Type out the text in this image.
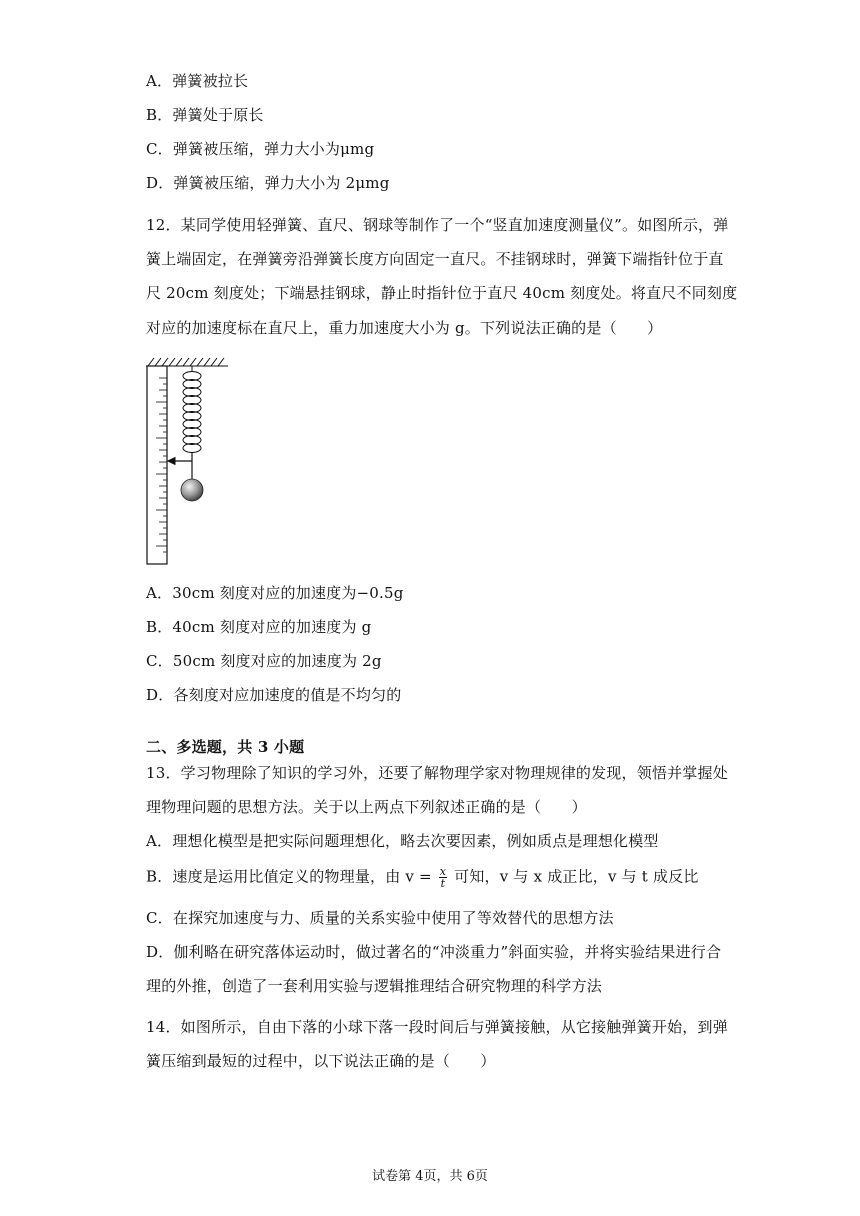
A．弹簧被拉长
B．弹簧处于原长
C．弹簧被压缩，弹力大小为μmg
D．弹簧被压缩，弹力大小为 2μmg
12．某同学使用轻弹簧、直尺、钢球等制作了一个“竖直加速度测量仪”。如图所示，弹
簧上端固定，在弹簧旁沿弹簧长度方向固定一直尺。不挂钢球时，弹簧下端指针位于直
尺 20cm 刻度处；下端悬挂钢球，静止时指针位于直尺 40cm 刻度处。将直尺不同刻度
对应的加速度标在直尺上，重力加速度大小为 g。下列说法正确的是（　　）
A．30cm 刻度对应的加速度为−0.5g
B．40cm 刻度对应的加速度为 g
C．50cm 刻度对应的加速度为 2g
D．各刻度对应加速度的值是不均匀的
二、多选题，共 3 小题
13．学习物理除了知识的学习外，还要了解物理学家对物理规律的发现，领悟并掌握处
理物理问题的思想方法。关于以上两点下列叙述正确的是（　　）
A．理想化模型是把实际问题理想化，略去次要因素，例如质点是理想化模型
B．速度是运用比值定义的物理量，由 $v = \frac{x}{t}$ 可知，v 与 x 成正比，v 与 t 成反比
C．在探究加速度与力、质量的关系实验中使用了等效替代的思想方法
D．伽利略在研究落体运动时，做过著名的“冲淡重力”斜面实验，并将实验结果进行合
理的外推，创造了一套利用实验与逻辑推理结合研究物理的科学方法
14．如图所示，自由下落的小球下落一段时间后与弹簧接触，从它接触弹簧开始，到弹
簧压缩到最短的过程中，以下说法正确的是（　　）
试卷第 4页，共 6页
